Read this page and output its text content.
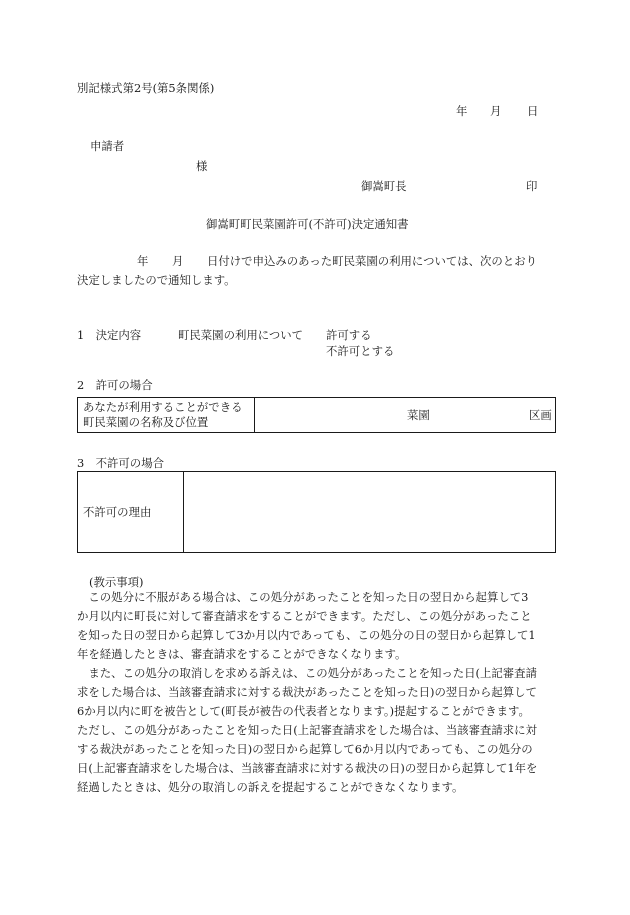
別記様式第2号(第5条関係)
年 月 日
申請者
様
御嵩町長	印
御嵩町町民菜園許可(不許可)決定通知書
年 月 日付けで申込みのあった町民菜園の利用については、次のとおり
決定しましたので通知します。
1　決定内容	町民菜園の利用について 許可する
不許可とする
2　許可の場合
あなたが利用することができる
町民菜園の名称及び位置	菜園	区画
3　不許可の場合
不許可の理由	
(教示事項)
　この処分に不服がある場合は、この処分があったことを知った日の翌日から起算して3
か月以内に町長に対して審査請求をすることができます。ただし、この処分があったこと
を知った日の翌日から起算して3か月以内であっても、この処分の日の翌日から起算して1
年を経過したときは、審査請求をすることができなくなります。
　また、この処分の取消しを求める訴えは、この処分があったことを知った日(上記審査請
求をした場合は、当該審査請求に対する裁決があったことを知った日)の翌日から起算して
6か月以内に町を被告として(町長が被告の代表者となります。)提起することができます。
ただし、この処分があったことを知った日(上記審査請求をした場合は、当該審査請求に対
する裁決があったことを知った日)の翌日から起算して6か月以内であっても、この処分の
日(上記審査請求をした場合は、当該審査請求に対する裁決の日)の翌日から起算して1年を
経過したときは、処分の取消しの訴えを提起することができなくなります。
